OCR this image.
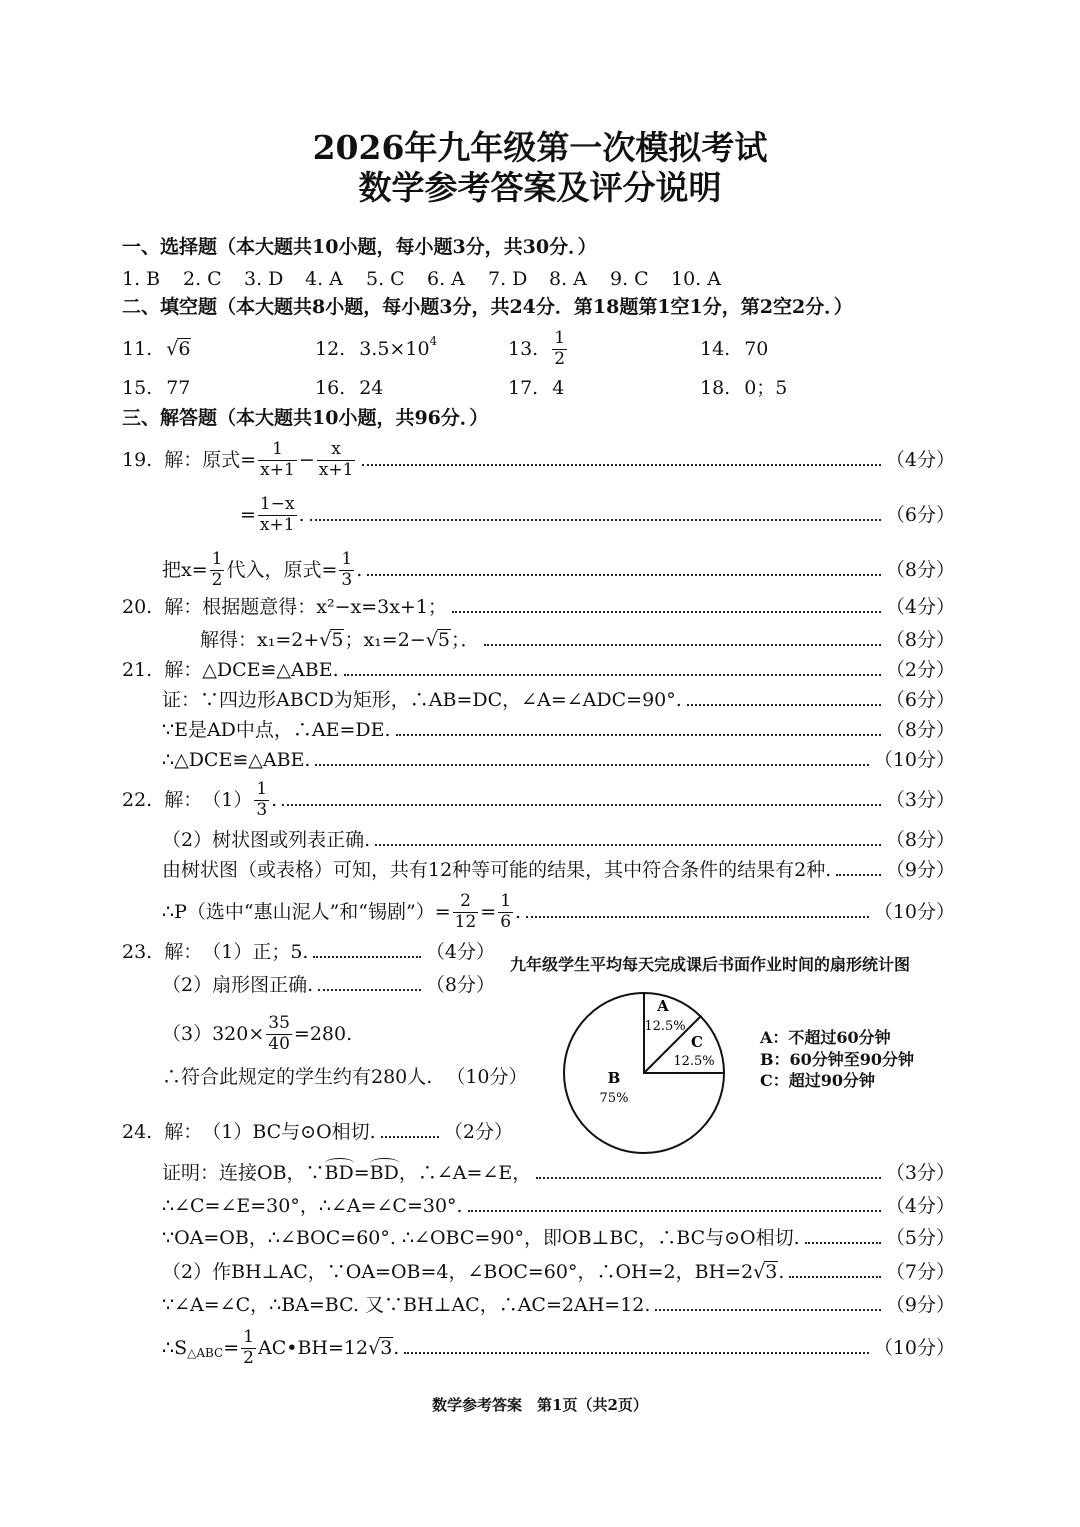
2026年九年级第一次模拟考试
数学参考答案及评分说明
一、选择题（本大题共10小题，每小题3分，共30分．）
1. B	2. C	3. D	4. A	5. C	6. A	7. D	8. A	9. C	10. A
二、填空题（本大题共8小题，每小题3分，共24分．第18题第1空1分，第2空2分．）
11. √ 6	12. 3.5×10 4	13. $\frac{1}{2}$	14. 70
15. 77	16. 24	17. 4	18. 0；5
三、解答题（本大题共10小题，共96分．）
19. 解： 原式= $\frac{1}{x+1} - \frac{x}{x+1}$	（4分）
= $\frac{1-x}{x+1}$ .	（6分）
把$x= \frac{1}{2}$ 代入，原式= $\frac{1}{3}$ .	（8分）
20. 解： 根据题意得：x²−x=3x+1；	（4分）
解得：x₁=2+ √ 5 ；x₁=2− √ 5 ；．	（8分）
21. 解： △DCE≌△ABE.	（2分）
证：∵四边形ABCD为矩形，∴AB=DC，∠A=∠ADC=90°.	（6分）
∵E是AD中点，∴AE=DE.	（8分）
∴△DCE≌△ABE.	（10分）
22. 解： $(1) \frac{1}{3}$ .	（3分）
（2）树状图或列表正确.	（8分）
由树状图（或表格）可知，共有12种等可能的结果，其中符合条件的结果有2种.	（9分）
∴P（选中“惠山泥人”和“锡剧”）= $\frac{2}{12} = \frac{1}{6}$ .	（10分）
23. 解： （1）正；5.	（4分）
（2）扇形图正确.	（8分）
$(3)320\times \frac{35}{40} =280$.
∴符合此规定的学生约有280人. （10分）
九年级学生平均每天完成课后书面作业时间的扇形统计图
A
12.5%
C
12.5%
B
75%
A：不超过60分钟
B：60分钟至90分钟
C：超过90分钟
24. 解： （1）BC与⊙O相切.	（2分）
证明：连接OB，∵ BD = BD ，∴∠A=∠E，	（3分）
∴∠C=∠E=30°，∴∠A=∠C=30°.	（4分）
∵OA=OB，∴∠BOC=60°. ∴∠OBC=90°，即OB⊥BC，∴BC与⊙O相切.	（5分）
（2）作BH⊥AC，∵OA=OB=4，∠BOC=60°，∴OH=2，BH=2 √ 3 .	（7分）
∵∠A=∠C，∴BA=BC. 又∵BH⊥AC，∴AC=2AH=12.	（9分）
∴S △ABC = $\frac{1}{2}$ AC•BH=12 √ 3 .	（10分）
数学参考答案　第1页（共2页）
